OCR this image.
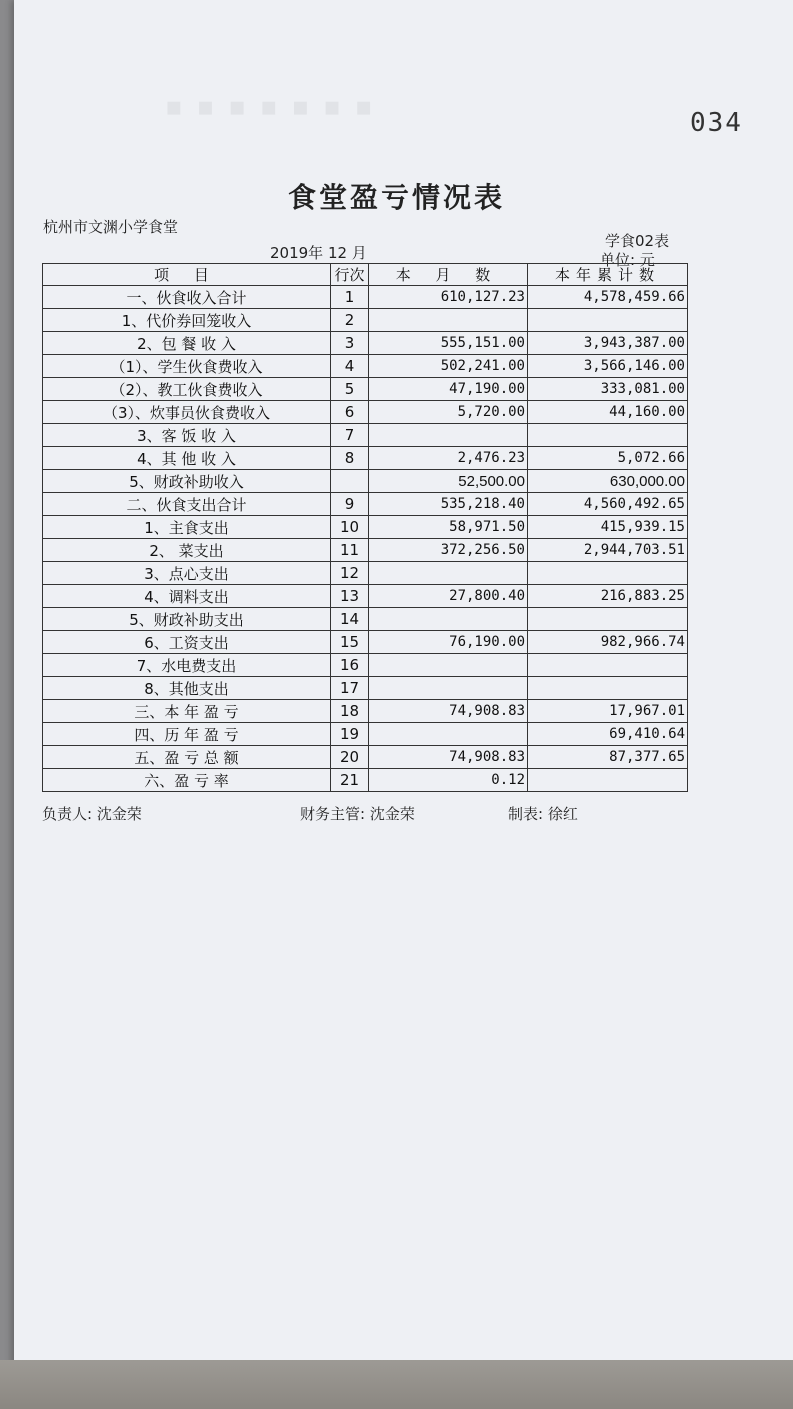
▪▪▪▪▪▪▪
034
食堂盈亏情况表
杭州市文渊小学食堂
学食02表
2019年 12 月	单位: 元
项 目	行次	本 月 数	本年累计数
一、伙食收入合计	1	610,127.23	4,578,459.66
1、代价券回笼收入	2		
2、包 餐 收 入	3	555,151.00	3,943,387.00
（1）、学生伙食费收入	4	502,241.00	3,566,146.00
（2）、教工伙食费收入	5	47,190.00	333,081.00
（3）、炊事员伙食费收入	6	5,720.00	44,160.00
3、客 饭 收 入	7		
4、其 他 收 入	8	2,476.23	5,072.66
5、财政补助收入		52,500.00	630,000.00
二、伙食支出合计	9	535,218.40	4,560,492.65
1、主食支出	10	58,971.50	415,939.15
2、 菜支出	11	372,256.50	2,944,703.51
3、点心支出	12		
4、调料支出	13	27,800.40	216,883.25
5、财政补助支出	14		
6、工资支出	15	76,190.00	982,966.74
7、水电费支出	16		
8、其他支出	17		
三、本 年 盈 亏	18	74,908.83	17,967.01
四、历 年 盈 亏	19		69,410.64
五、盈 亏 总 额	20	74,908.83	87,377.65
六、盈 亏 率	21	0.12	
负责人: 沈金荣	财务主管: 沈金荣	制表: 徐红
